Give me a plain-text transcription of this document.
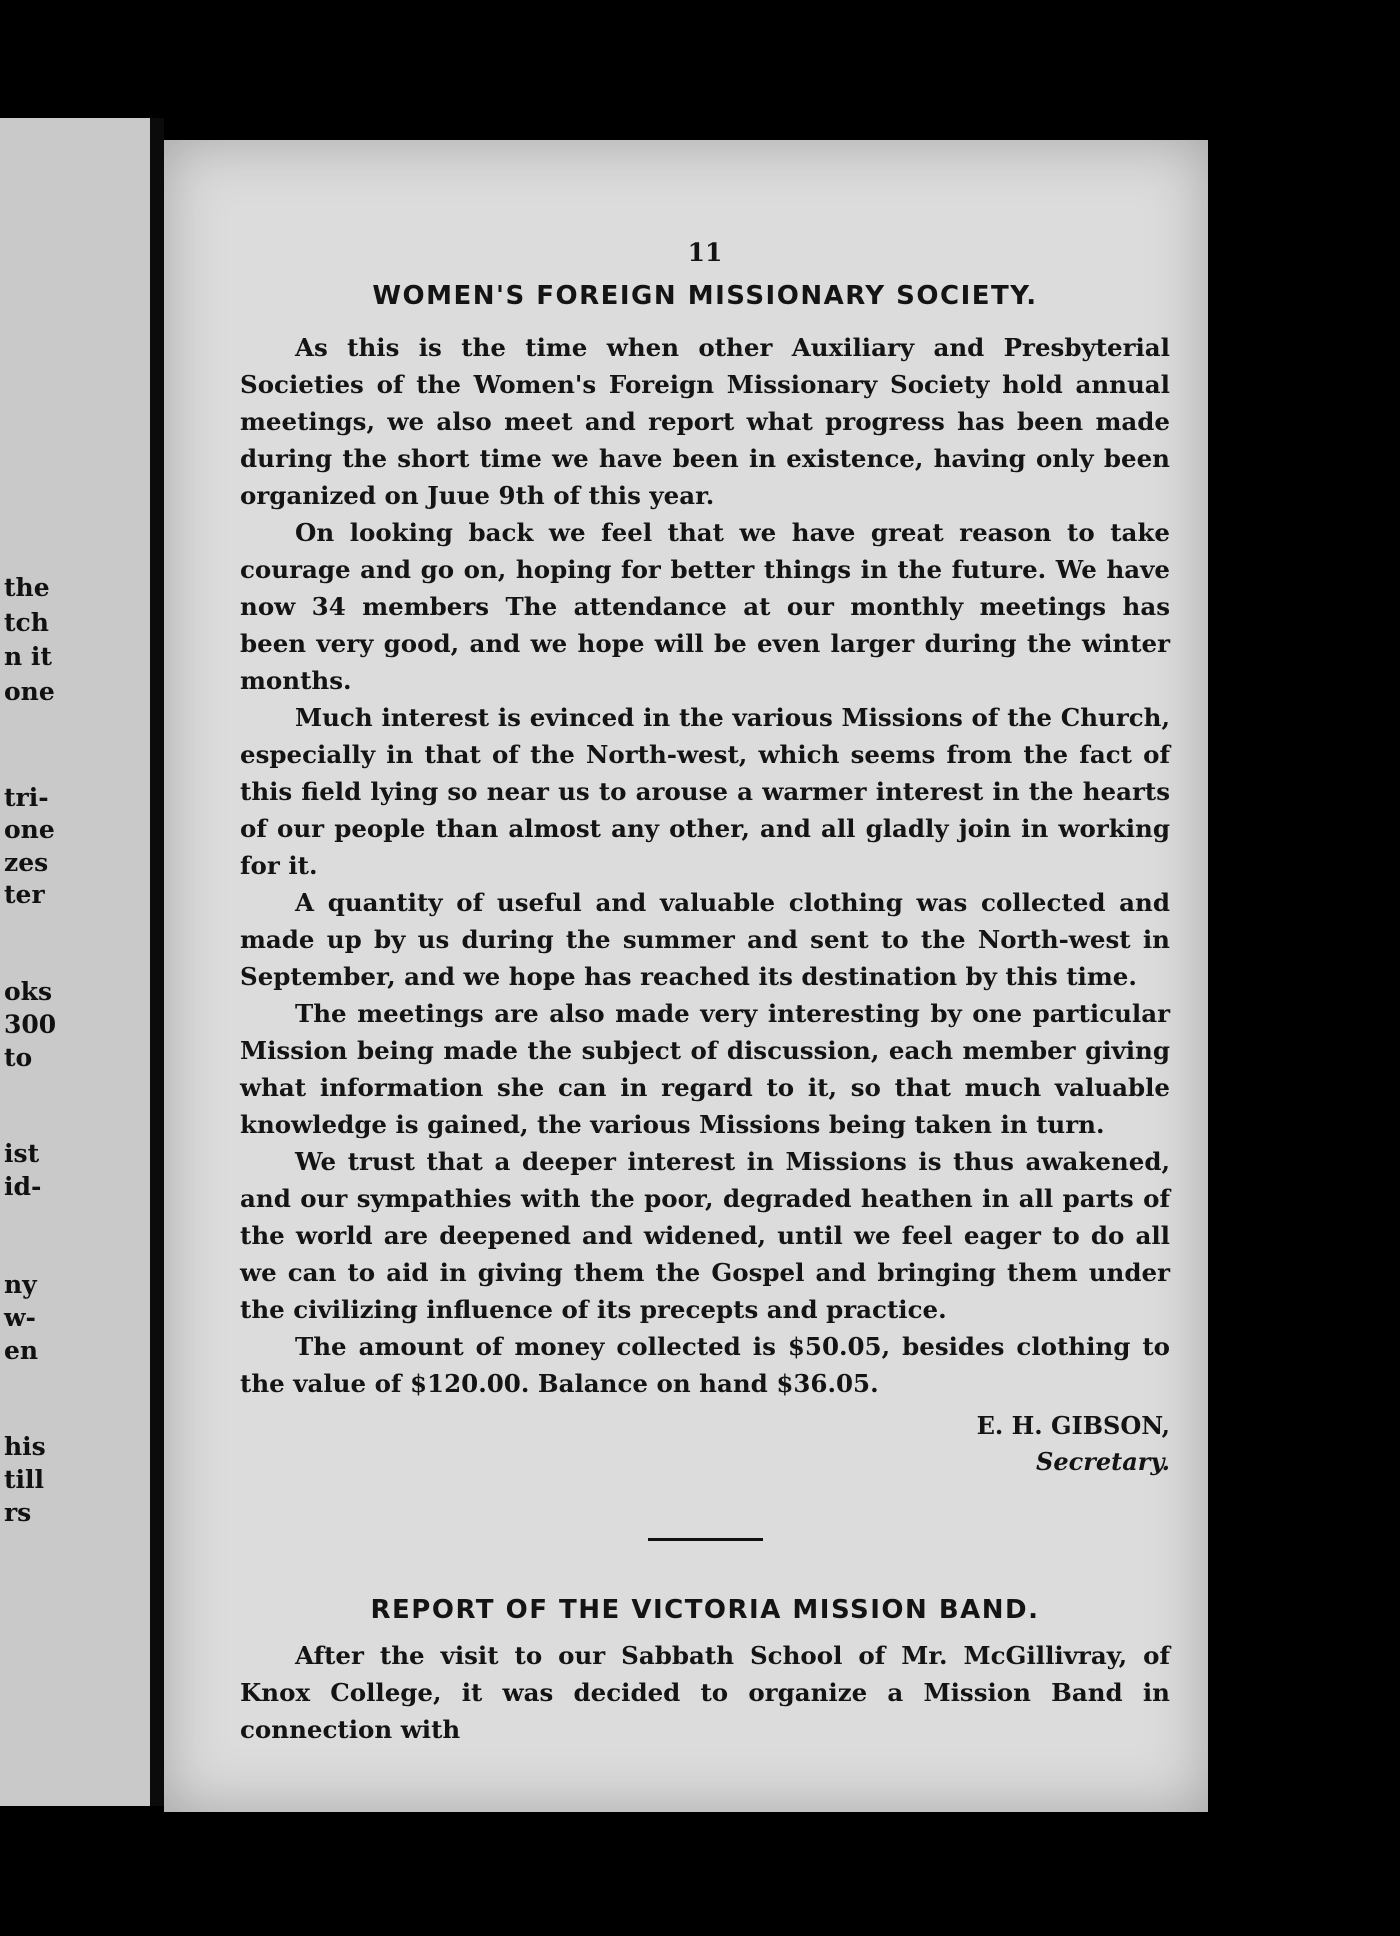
the
tch
n it
one
tri-
one
zes
ter
oks
300
to
ist
id-
ny
w-
en
his
till
rs
11
WOMEN'S FOREIGN MISSIONARY SOCIETY.

As this is the time when other Auxiliary and Presbyterial Societies of the Women's Foreign Missionary Society hold annual meetings, we also meet and report what progress has been made during the short time we have been in existence, having only been organized on Juue 9th of this year.

On looking back we feel that we have great reason to take courage and go on, hoping for better things in the future. We have now 34 members The attendance at our monthly meetings has been very good, and we hope will be even larger during the winter months.

Much interest is evinced in the various Missions of the Church, especially in that of the North-west, which seems from the fact of this field lying so near us to arouse a warmer interest in the hearts of our people than almost any other, and all gladly join in working for it.

A quantity of useful and valuable clothing was collected and made up by us during the summer and sent to the North-west in September, and we hope has reached its destination by this time.

The meetings are also made very interesting by one particular Mission being made the subject of discussion, each member giving what information she can in regard to it, so that much valuable knowledge is gained, the various Missions being taken in turn.

We trust that a deeper interest in Missions is thus awakened, and our sympathies with the poor, degraded heathen in all parts of the world are deepened and widened, until we feel eager to do all we can to aid in giving them the Gospel and bringing them under the civilizing influence of its precepts and practice.

The amount of money collected is $50.05, besides clothing to the value of $120.00. Balance on hand $36.05.

E. H. GIBSON,
Secretary.
REPORT OF THE VICTORIA MISSION BAND.

After the visit to our Sabbath School of Mr. McGillivray, of Knox College, it was decided to organize a Mission Band in connection with
